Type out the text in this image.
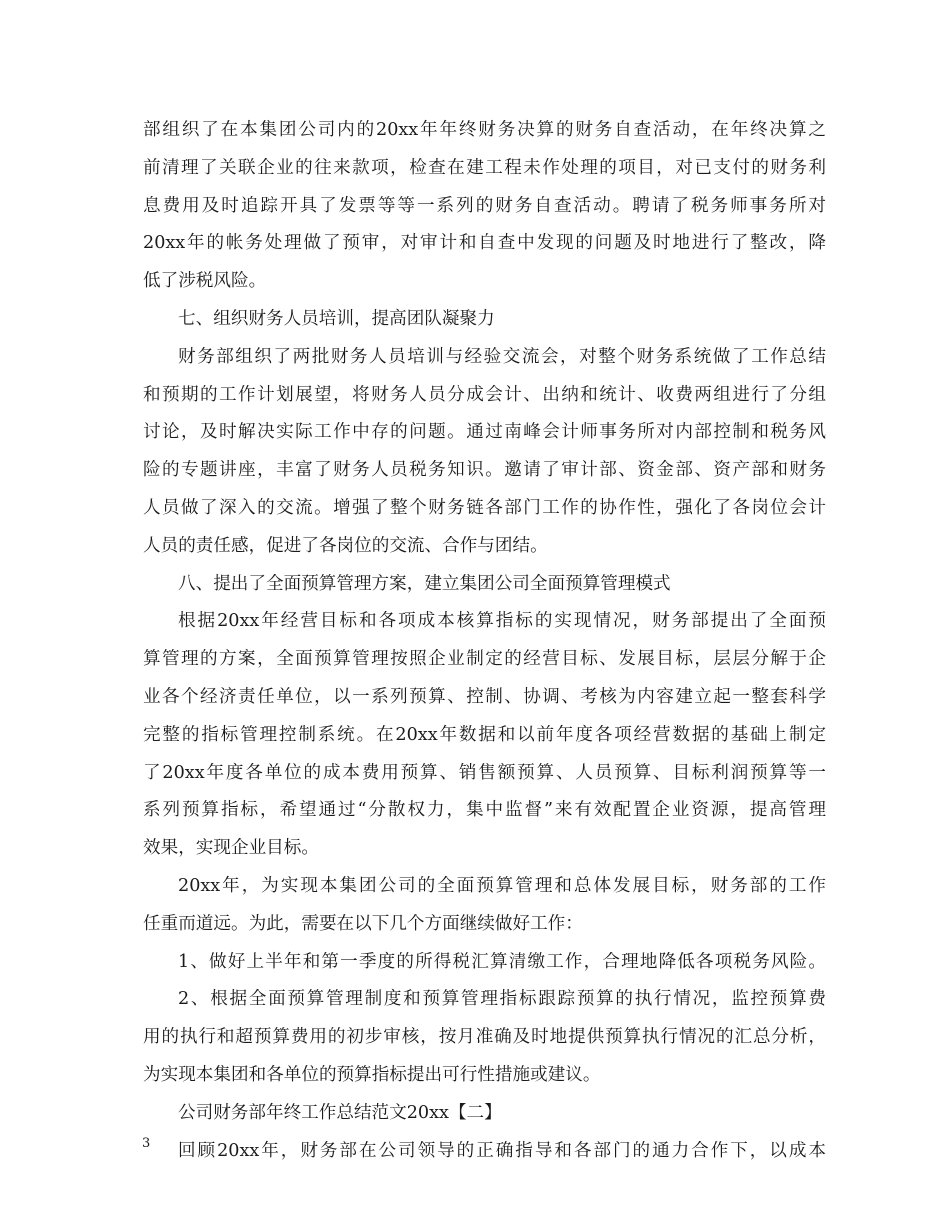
部组织了在本集团公司内的20xx年年终财务决算的财务自查活动，在年终决算之
前清理了关联企业的往来款项，检查在建工程未作处理的项目，对已支付的财务利
息费用及时追踪开具了发票等等一系列的财务自查活动。聘请了税务师事务所对
20xx年的帐务处理做了预审，对审计和自查中发现的问题及时地进行了整改，降
低了涉税风险。
七、组织财务人员培训，提高团队凝聚力
财务部组织了两批财务人员培训与经验交流会，对整个财务系统做了工作总结
和预期的工作计划展望，将财务人员分成会计、出纳和统计、收费两组进行了分组
讨论，及时解决实际工作中存的问题。通过南峰会计师事务所对内部控制和税务风
险的专题讲座，丰富了财务人员税务知识。邀请了审计部、资金部、资产部和财务
人员做了深入的交流。增强了整个财务链各部门工作的协作性，强化了各岗位会计
人员的责任感，促进了各岗位的交流、合作与团结。
八、提出了全面预算管理方案，建立集团公司全面预算管理模式
根据20xx年经营目标和各项成本核算指标的实现情况，财务部提出了全面预
算管理的方案，全面预算管理按照企业制定的经营目标、发展目标，层层分解于企
业各个经济责任单位，以一系列预算、控制、协调、考核为内容建立起一整套科学
完整的指标管理控制系统。在20xx年数据和以前年度各项经营数据的基础上制定
了20xx年度各单位的成本费用预算、销售额预算、人员预算、目标利润预算等一
系列预算指标，希望通过“分散权力，集中监督”来有效配置企业资源，提高管理
效果，实现企业目标。
20xx年，为实现本集团公司的全面预算管理和总体发展目标，财务部的工作
任重而道远。为此，需要在以下几个方面继续做好工作：
1、做好上半年和第一季度的所得税汇算清缴工作，合理地降低各项税务风险。
2、根据全面预算管理制度和预算管理指标跟踪预算的执行情况，监控预算费
用的执行和超预算费用的初步审核，按月准确及时地提供预算执行情况的汇总分析，
为实现本集团和各单位的预算指标提出可行性措施或建议。
公司财务部年终工作总结范文20xx【二】
回顾20xx年，财务部在公司领导的正确指导和各部门的通力合作下，以成本
3
